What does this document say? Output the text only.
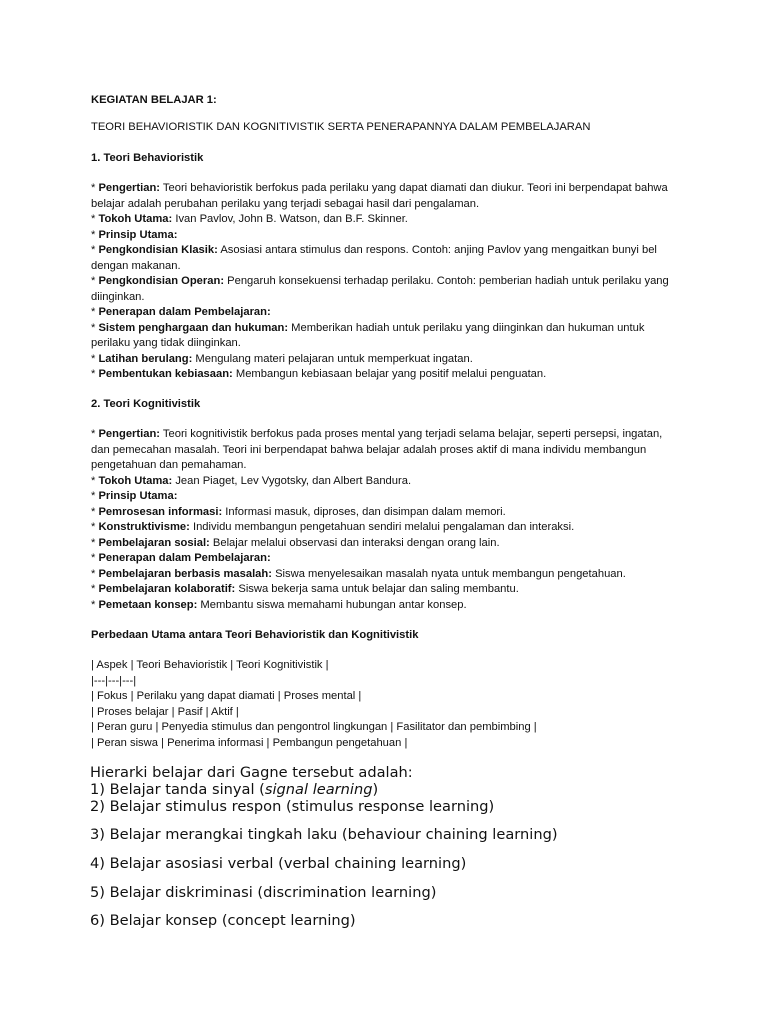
KEGIATAN BELAJAR 1:

TEORI BEHAVIORISTIK DAN KOGNITIVISTIK SERTA PENERAPANNYA DALAM PEMBELAJARAN

1. Teori Behavioristik

* Pengertian: Teori behavioristik berfokus pada perilaku yang dapat diamati dan diukur. Teori ini berpendapat bahwa
belajar adalah perubahan perilaku yang terjadi sebagai hasil dari pengalaman.
* Tokoh Utama: Ivan Pavlov, John B. Watson, dan B.F. Skinner.
* Prinsip Utama:
* Pengkondisian Klasik: Asosiasi antara stimulus dan respons. Contoh: anjing Pavlov yang mengaitkan bunyi bel
dengan makanan.
* Pengkondisian Operan: Pengaruh konsekuensi terhadap perilaku. Contoh: pemberian hadiah untuk perilaku yang
diinginkan.
* Penerapan dalam Pembelajaran:
* Sistem penghargaan dan hukuman: Memberikan hadiah untuk perilaku yang diinginkan dan hukuman untuk
perilaku yang tidak diinginkan.
* Latihan berulang: Mengulang materi pelajaran untuk memperkuat ingatan.
* Pembentukan kebiasaan: Membangun kebiasaan belajar yang positif melalui penguatan.

2. Teori Kognitivistik

* Pengertian: Teori kognitivistik berfokus pada proses mental yang terjadi selama belajar, seperti persepsi, ingatan,
dan pemecahan masalah. Teori ini berpendapat bahwa belajar adalah proses aktif di mana individu membangun
pengetahuan dan pemahaman.
* Tokoh Utama: Jean Piaget, Lev Vygotsky, dan Albert Bandura.
* Prinsip Utama:
* Pemrosesan informasi: Informasi masuk, diproses, dan disimpan dalam memori.
* Konstruktivisme: Individu membangun pengetahuan sendiri melalui pengalaman dan interaksi.
* Pembelajaran sosial: Belajar melalui observasi dan interaksi dengan orang lain.
* Penerapan dalam Pembelajaran:
* Pembelajaran berbasis masalah: Siswa menyelesaikan masalah nyata untuk membangun pengetahuan.
* Pembelajaran kolaboratif: Siswa bekerja sama untuk belajar dan saling membantu.
* Pemetaan konsep: Membantu siswa memahami hubungan antar konsep.

Perbedaan Utama antara Teori Behavioristik dan Kognitivistik

| Aspek | Teori Behavioristik | Teori Kognitivistik |
|---|---|---|
| Fokus | Perilaku yang dapat diamati | Proses mental |
| Proses belajar | Pasif | Aktif |
| Peran guru | Penyedia stimulus dan pengontrol lingkungan | Fasilitator dan pembimbing |
| Peran siswa | Penerima informasi | Pembangun pengetahuan |

Hierarki belajar dari Gagne tersebut adalah:

1) Belajar tanda sinyal (signal learning)

2) Belajar stimulus respon (stimulus response learning)

3) Belajar merangkai tingkah laku (behaviour chaining learning)

4) Belajar asosiasi verbal (verbal chaining learning)

5) Belajar diskriminasi (discrimination learning)

6) Belajar konsep (concept learning)
